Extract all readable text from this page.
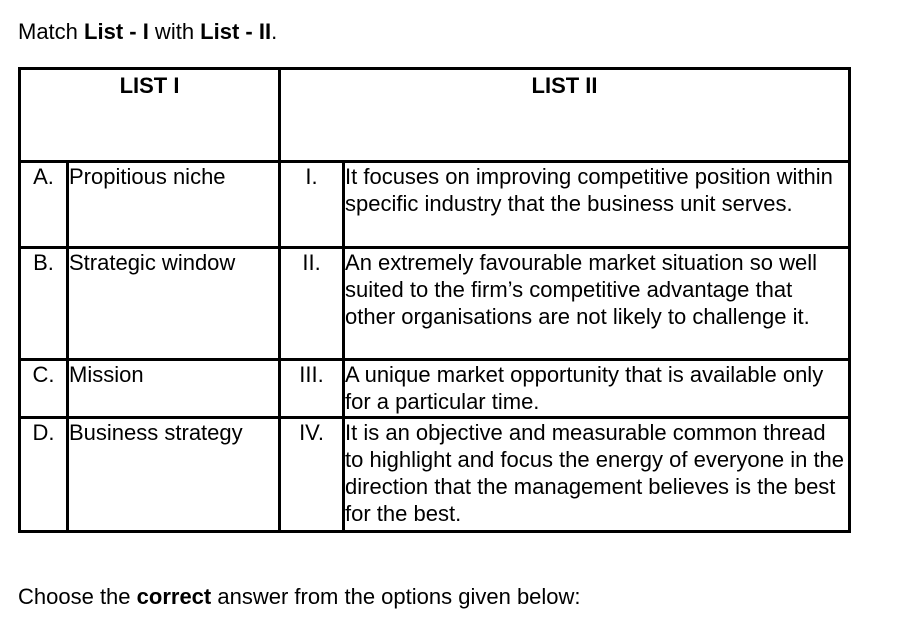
Match List - I with List - II.
LIST I		LIST II	
A.	Propitious niche	I.	It focuses on improving competitive position within specific industry that the business unit serves.
B.	Strategic window	II.	An extremely favourable market situation so well suited to the firm’s competitive advantage that other organisations are not likely to challenge it.
C.	Mission	III.	A unique market opportunity that is available only for a particular time.
D.	Business strategy	IV.	It is an objective and measurable common thread to highlight and focus the energy of everyone in the direction that the management believes is the best for the best.
Choose the correct answer from the options given below:
